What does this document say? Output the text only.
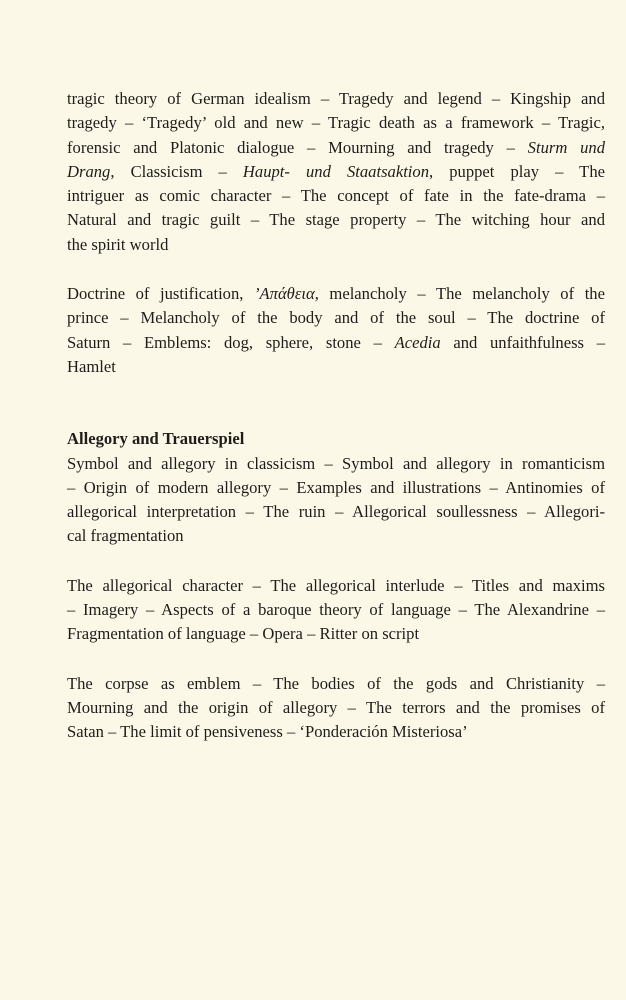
tragic theory of German idealism – Tragedy and legend – Kingship and
tragedy – ‘Tragedy’ old and new – Tragic death as a framework – Tragic,
forensic and Platonic dialogue – Mourning and tragedy – Sturm und
Drang, Classicism – Haupt- und Staatsaktion, puppet play – The
intriguer as comic character – The concept of fate in the fate-drama –
Natural and tragic guilt – The stage property – The witching hour and
the spirit world

Doctrine of justification, ’Απάθεια, melancholy – The melancholy of the
prince – Melancholy of the body and of the soul – The doctrine of
Saturn – Emblems: dog, sphere, stone – Acedia and unfaithfulness –
Hamlet

Allegory and Trauerspiel

Symbol and allegory in classicism – Symbol and allegory in romanticism
– Origin of modern allegory – Examples and illustrations – Antinomies of
allegorical interpretation – The ruin – Allegorical soullessness – Allegori-
cal fragmentation

The allegorical character – The allegorical interlude – Titles and maxims
– Imagery – Aspects of a baroque theory of language – The Alexandrine –
Fragmentation of language – Opera – Ritter on script

The corpse as emblem – The bodies of the gods and Christianity –
Mourning and the origin of allegory – The terrors and the promises of
Satan – The limit of pensiveness – ‘Ponderación Misteriosa’
